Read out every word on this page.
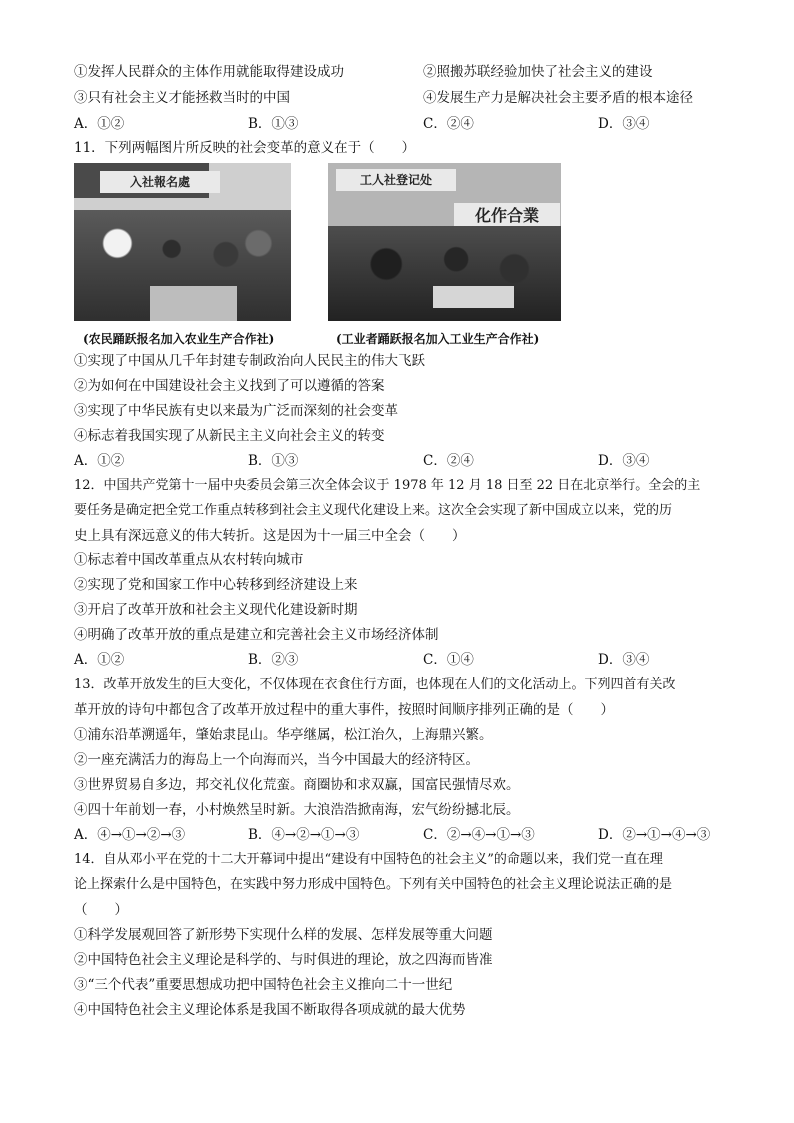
①发挥人民群众的主体作用就能取得建设成功	②照搬苏联经验加快了社会主义的建设
③只有社会主义才能拯救当时的中国	④发展生产力是解决社会主要矛盾的根本途径
A．①②	B．①③	C．②④	D．③④
11．下列两幅图片所反映的社会变革的意义在于（　　）
入社報名處	工人社登记处
化作合業
(农民踊跃报名加入农业生产合作社)	(工业者踊跃报名加入工业生产合作社)
①实现了中国从几千年封建专制政治向人民民主的伟大飞跃
②为如何在中国建设社会主义找到了可以遵循的答案
③实现了中华民族有史以来最为广泛而深刻的社会变革
④标志着我国实现了从新民主主义向社会主义的转变
A．①②	B．①③	C．②④	D．③④
12．中国共产党第十一届中央委员会第三次全体会议于 1978 年 12 月 18 日至 22 日在北京举行。全会的主
要任务是确定把全党工作重点转移到社会主义现代化建设上来。这次全会实现了新中国成立以来，党的历
史上具有深远意义的伟大转折。这是因为十一届三中全会（　　）
①标志着中国改革重点从农村转向城市
②实现了党和国家工作中心转移到经济建设上来
③开启了改革开放和社会主义现代化建设新时期
④明确了改革开放的重点是建立和完善社会主义市场经济体制
A．①②	B．②③	C．①④	D．③④
13．改革开放发生的巨大变化，不仅体现在衣食住行方面，也体现在人们的文化活动上。下列四首有关改
革开放的诗句中都包含了改革开放过程中的重大事件，按照时间顺序排列正确的是（　　）
①浦东沿革溯遥年，肇始隶昆山。华亭继属，松江治久，上海鼎兴繁。
②一座充满活力的海岛上一个向海而兴，当今中国最大的经济特区。
③世界贸易自多边，邦交礼仪化荒蛮。商圈协和求双赢，国富民强情尽欢。
④四十年前划一春，小村焕然呈时新。大浪浩浩掀南海，宏气纷纷撼北辰。
A．④→①→②→③	B．④→②→①→③	C．②→④→①→③	D．②→①→④→③
14．自从邓小平在党的十二大开幕词中提出“建设有中国特色的社会主义”的命题以来，我们党一直在理
论上探索什么是中国特色，在实践中努力形成中国特色。下列有关中国特色的社会主义理论说法正确的是
（　　）
①科学发展观回答了新形势下实现什么样的发展、怎样发展等重大问题
②中国特色社会主义理论是科学的、与时俱进的理论，放之四海而皆准
③“三个代表”重要思想成功把中国特色社会主义推向二十一世纪
④中国特色社会主义理论体系是我国不断取得各项成就的最大优势
